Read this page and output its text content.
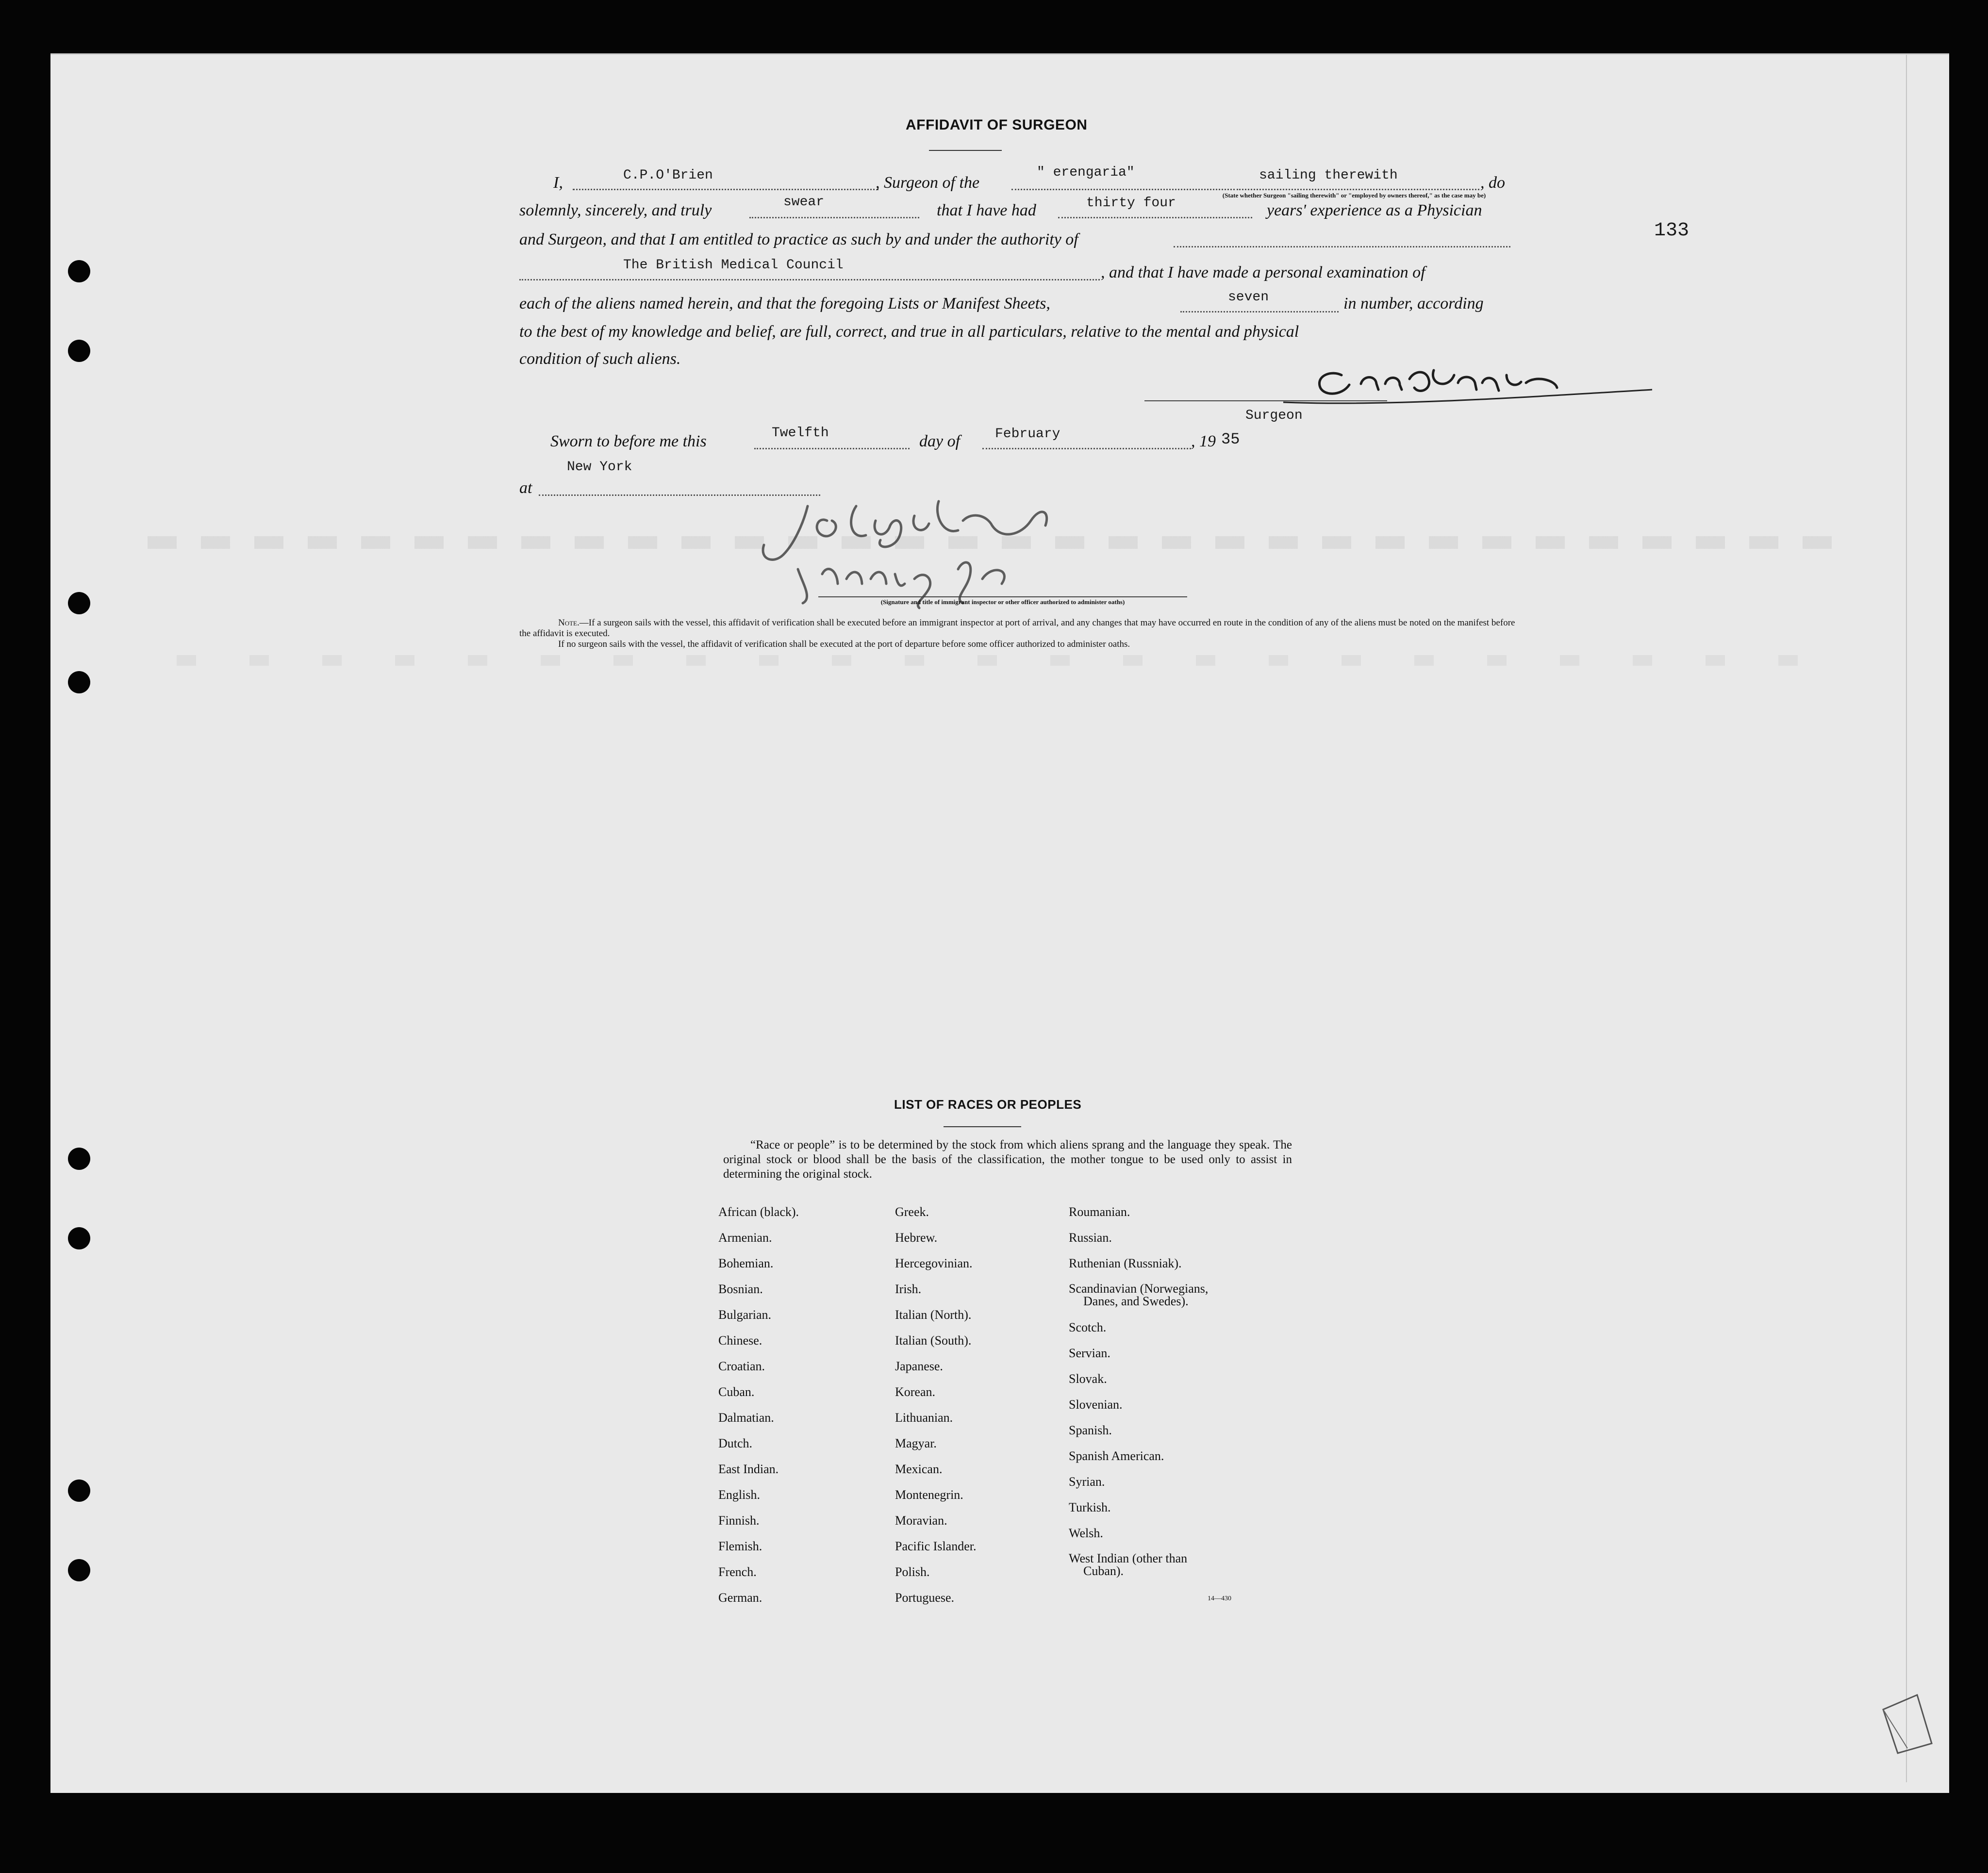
133
AFFIDAVIT OF SURGEON
I,	C.P.O'Brien	, Surgeon of the
" erengaria"	sailing therewith	, do
(State whether Surgeon "sailing therewith" or "employed by owners thereof," as the case may be)
solemnly, sincerely, and truly	swear	that I have had	thirty four	years' experience as a Physician
and Surgeon, and that I am entitled to practice as such by and under the authority of
The British Medical Council	, and that I have made a personal examination of
each of the aliens named herein, and that the foregoing Lists or Manifest Sheets,	seven	in number, according
to the best of my knowledge and belief, are full, correct, and true in all particulars, relative to the mental and physical
condition of such aliens.
Surgeon
Sworn to before me this	Twelfth	day of	February	, 19 35
New York
at
(Signature and title of immigrant inspector or other officer authorized to administer oaths)
Note.—If a surgeon sails with the vessel, this affidavit of verification shall be executed before an immigrant inspector at port of arrival, and any changes that may have occurred en route in the condition of any of the aliens must be noted on the manifest before the affidavit is executed.
If no surgeon sails with the vessel, the affidavit of verification shall be executed at the port of departure before some officer authorized to administer oaths.
LIST OF RACES OR PEOPLES
“Race or people” is to be determined by the stock from which aliens sprang and the language they speak. The original stock or blood shall be the basis of the classification, the mother tongue to be used only to assist in determining the original stock.
African (black).
Armenian.
Bohemian.
Bosnian.
Bulgarian.
Chinese.
Croatian.
Cuban.
Dalmatian.
Dutch.
East Indian.
English.
Finnish.
Flemish.
French.
German.
Greek.
Hebrew.
Hercegovinian.
Irish.
Italian (North).
Italian (South).
Japanese.
Korean.
Lithuanian.
Magyar.
Mexican.
Montenegrin.
Moravian.
Pacific Islander.
Polish.
Portuguese.
Roumanian.
Russian.
Ruthenian (Russniak).
Scandinavian (Norwegians,
Danes, and Swedes).
Scotch.
Servian.
Slovak.
Slovenian.
Spanish.
Spanish American.
Syrian.
Turkish.
Welsh.
West Indian (other than
Cuban).
14—430
